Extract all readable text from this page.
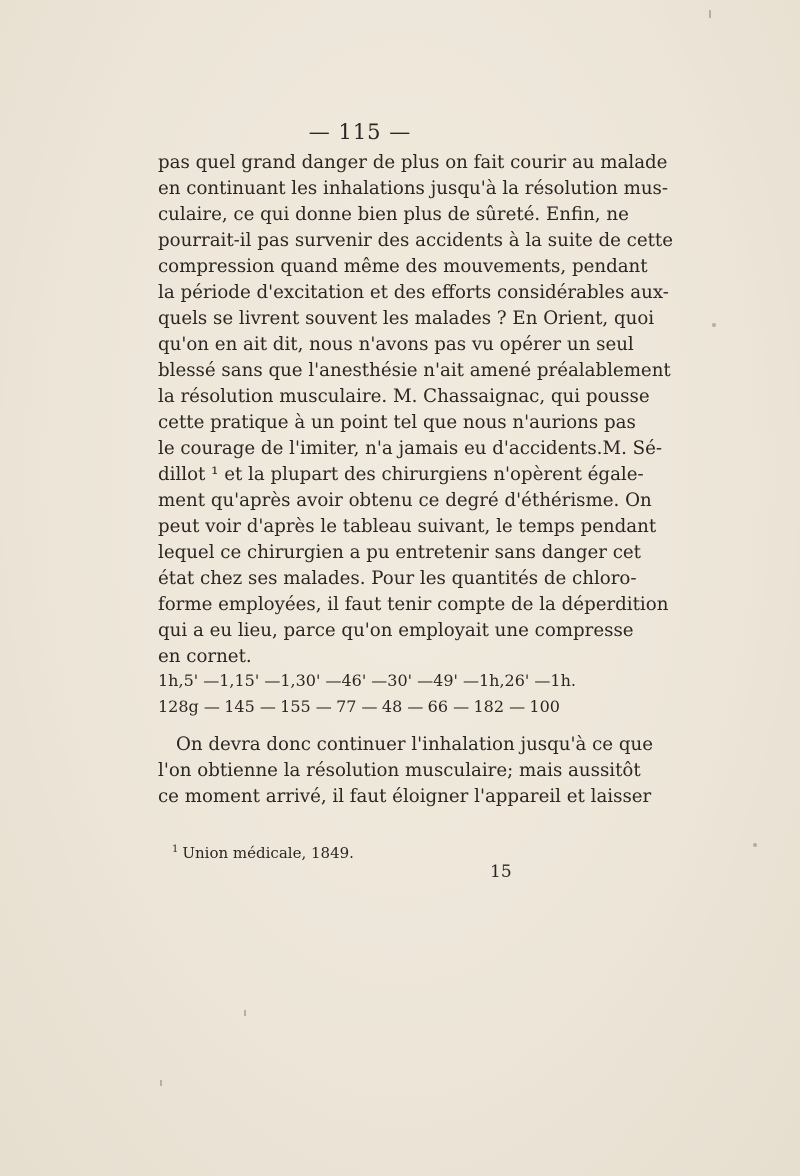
— 115 —
pas quel grand danger de plus on fait courir au malade
en continuant les inhalations jusqu'à la résolution mus-
culaire, ce qui donne bien plus de sûreté. Enfin, ne
pourrait-il pas survenir des accidents à la suite de cette
compression quand même des mouvements, pendant
la période d'excitation et des efforts considérables aux-
quels se livrent souvent les malades ? En Orient, quoi
qu'on en ait dit, nous n'avons pas vu opérer un seul
blessé sans que l'anesthésie n'ait amené préalablement
la résolution musculaire. M. Chassaignac, qui pousse
cette pratique à un point tel que nous n'aurions pas
le courage de l'imiter, n'a jamais eu d'accidents.M. Sé-
dillot ¹ et la plupart des chirurgiens n'opèrent égale-
ment qu'après avoir obtenu ce degré d'éthérisme. On
peut voir d'après le tableau suivant, le temps pendant
lequel ce chirurgien a pu entretenir sans danger cet
état chez ses malades. Pour les quantités de chloro-
forme employées, il faut tenir compte de la déperdition
qui a eu lieu, parce qu'on employait une compresse
en cornet.
1h,5' — 1,15' — 1,30' — 46' — 30' — 49' — 1h,26' — 1h.
128g — 145 — 155 — 77 — 48 — 66 — 182 — 100
On devra donc continuer l'inhalation jusqu'à ce que
l'on obtienne la résolution musculaire; mais aussitôt
ce moment arrivé, il faut éloigner l'appareil et laisser
$^1$ Union médicale, 1849.
15
